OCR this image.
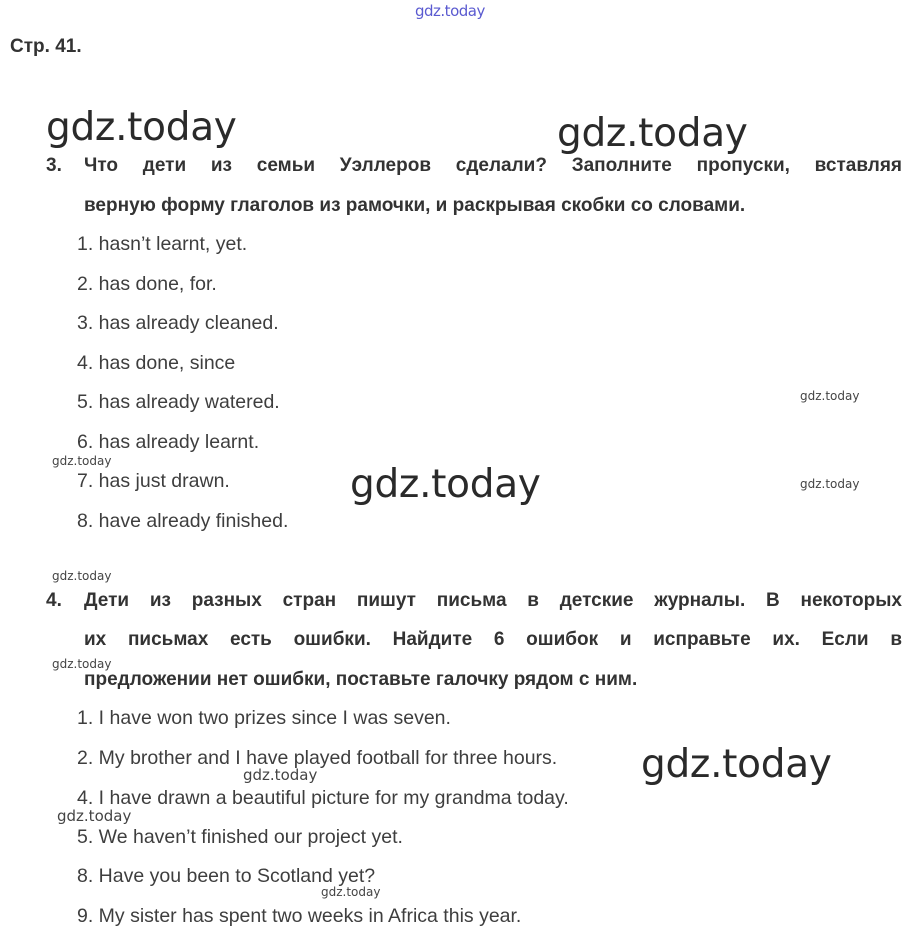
gdz.today
Стр. 41.
3. Что дети из семьи Уэллеров сделали? Заполните пропуски, вставляя
верную форму глаголов из рамочки, и раскрывая скобки со словами.
1. hasn’t learnt, yet.
2. has done, for.
3. has already cleaned.
4. has done, since
5. has already watered.
6. has already learnt.
7. has just drawn.
8. have already finished.
4. Дети из разных стран пишут письма в детские журналы. В некоторых
их письмах есть ошибки. Найдите 6 ошибок и исправьте их. Если в
предложении нет ошибки, поставьте галочку рядом с ним.
1. I have won two prizes since I was seven.
2. My brother and I have played football for three hours.
4. I have drawn a beautiful picture for my grandma today.
5. We haven’t finished our project yet.
8. Have you been to Scotland yet?
9. My sister has spent two weeks in Africa this year.
gdz.today	gdz.today
gdz.today
gdz.today
gdz.today
gdz.today
gdz.today
gdz.today
gdz.today
gdz.today
gdz.today
gdz.today
